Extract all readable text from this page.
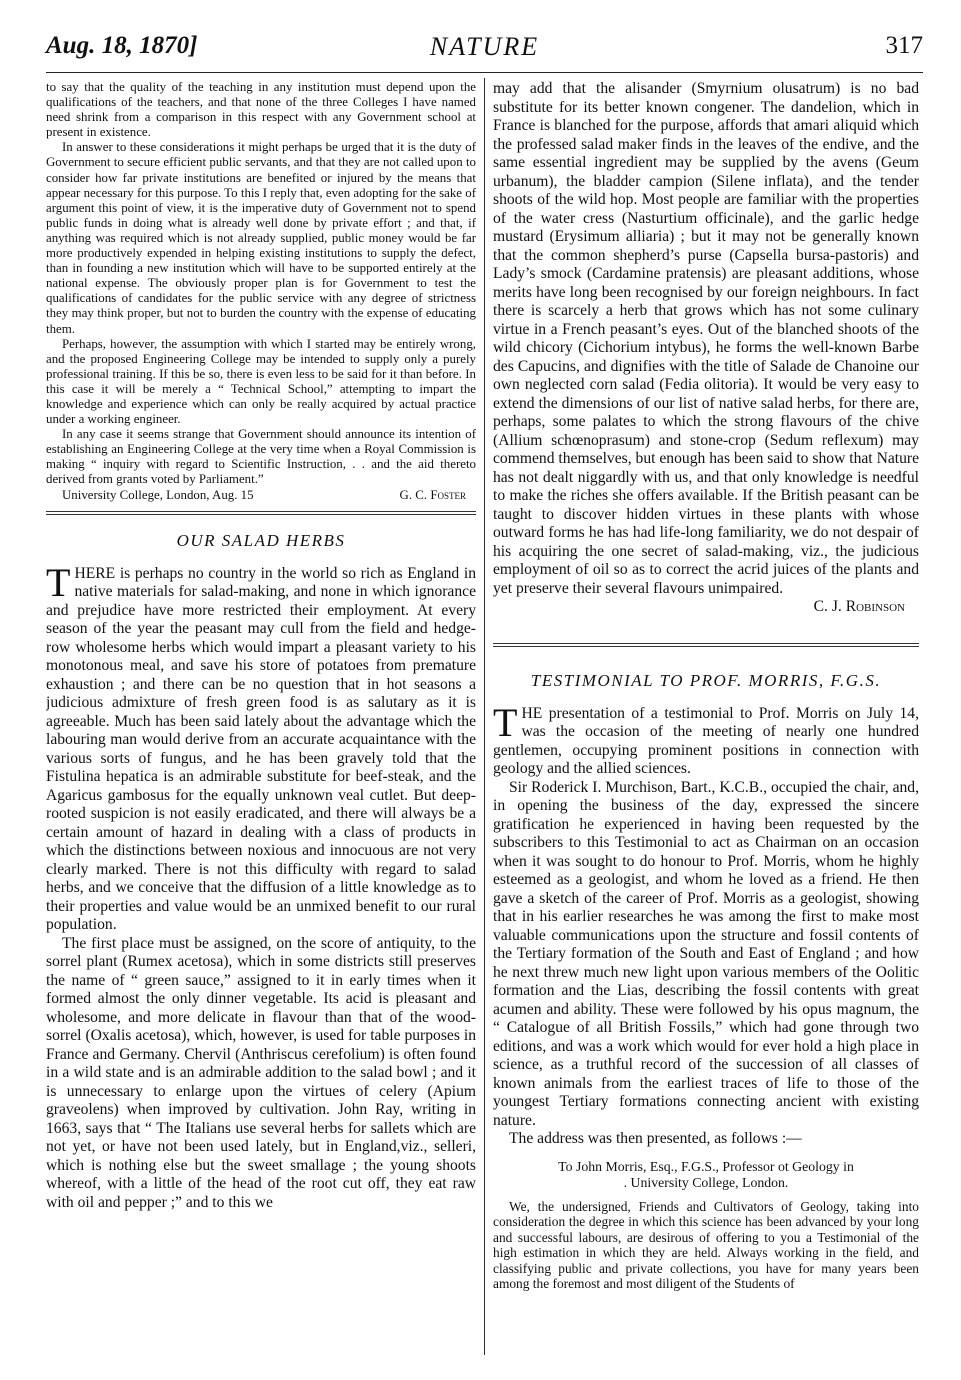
Aug. 18, 1870]	NATURE	317

to say that the quality of the teaching in any institution must depend upon the qualifications of the teachers, and that none of the three Colleges I have named need shrink from a comparison in this respect with any Government school at present in existence.

In answer to these considerations it might perhaps be urged that it is the duty of Government to secure efficient public servants, and that they are not called upon to consider how far private institutions are benefited or injured by the means that appear necessary for this purpose. To this I reply that, even adopting for the sake of argument this point of view, it is the imperative duty of Government not to spend public funds in doing what is already well done by private effort ; and that, if anything was required which is not already supplied, public money would be far more productively expended in helping existing institutions to supply the defect, than in founding a new institution which will have to be supported entirely at the national expense. The obviously proper plan is for Government to test the qualifications of candidates for the public service with any degree of strictness they may think proper, but not to burden the country with the expense of educating them.

Perhaps, however, the assumption with which I started may be entirely wrong, and the proposed Engineering College may be intended to supply only a purely professional training. If this be so, there is even less to be said for it than before. In this case it will be merely a “ Technical School,” attempting to impart the knowledge and experience which can only be really acquired by actual practice under a working engineer.

In any case it seems strange that Government should announce its intention of establishing an Engineering College at the very time when a Royal Commission is making “ inquiry with regard to Scientific Instruction, . . and the aid thereto derived from grants voted by Parliament.”

University College, London, Aug. 15	G. C. Foster
OUR SALAD HERBS

THERE is perhaps no country in the world so rich as England in native materials for salad-making, and none in which ignorance and prejudice have more restricted their employment. At every season of the year the peasant may cull from the field and hedge-row wholesome herbs which would impart a pleasant variety to his monotonous meal, and save his store of potatoes from premature exhaustion ; and there can be no question that in hot seasons a judicious admixture of fresh green food is as salutary as it is agreeable. Much has been said lately about the advantage which the labouring man would derive from an accurate acquaintance with the various sorts of fungus, and he has been gravely told that the Fistulina hepatica is an admirable substitute for beef-steak, and the Agaricus gambosus for the equally unknown veal cutlet. But deep-rooted suspicion is not easily eradicated, and there will always be a certain amount of hazard in dealing with a class of products in which the distinctions between noxious and innocuous are not very clearly marked. There is not this difficulty with regard to salad herbs, and we conceive that the diffusion of a little knowledge as to their properties and value would be an unmixed benefit to our rural population.

The first place must be assigned, on the score of antiquity, to the sorrel plant (Rumex acetosa), which in some districts still preserves the name of “ green sauce,” assigned to it in early times when it formed almost the only dinner vegetable. Its acid is pleasant and wholesome, and more delicate in flavour than that of the wood-sorrel (Oxalis acetosa), which, however, is used for table purposes in France and Germany. Chervil (Anthriscus cerefolium) is often found in a wild state and is an admirable addition to the salad bowl ; and it is unnecessary to enlarge upon the virtues of celery (Apium graveolens) when improved by cultivation. John Ray, writing in 1663, says that “ The Italians use several herbs for sallets which are not yet, or have not been used lately, but in England,viz., selleri, which is nothing else but the sweet smallage ; the young shoots whereof, with a little of the head of the root cut off, they eat raw with oil and pepper ;” and to this we

may add that the alisander (Smyrnium olusatrum) is no bad substitute for its better known congener. The dandelion, which in France is blanched for the purpose, affords that amari aliquid which the professed salad maker finds in the leaves of the endive, and the same essential ingredient may be supplied by the avens (Geum urbanum), the bladder campion (Silene inflata), and the tender shoots of the wild hop. Most people are familiar with the properties of the water cress (Nasturtium officinale), and the garlic hedge mustard (Erysimum alliaria) ; but it may not be generally known that the common shepherd’s purse (Capsella bursa-pastoris) and Lady’s smock (Cardamine pratensis) are pleasant additions, whose merits have long been recognised by our foreign neighbours. In fact there is scarcely a herb that grows which has not some culinary virtue in a French peasant’s eyes. Out of the blanched shoots of the wild chicory (Cichorium intybus), he forms the well-known Barbe des Capucins, and dignifies with the title of Salade de Chanoine our own neglected corn salad (Fedia olitoria). It would be very easy to extend the dimensions of our list of native salad herbs, for there are, perhaps, some palates to which the strong flavours of the chive (Allium schœnoprasum) and stone-crop (Sedum reflexum) may commend themselves, but enough has been said to show that Nature has not dealt niggardly with us, and that only knowledge is needful to make the riches she offers available. If the British peasant can be taught to discover hidden virtues in these plants with whose outward forms he has had life-long familiarity, we do not despair of his acquiring the one secret of salad-making, viz., the judicious employment of oil so as to correct the acrid juices of the plants and yet preserve their several flavours unimpaired.

C. J. Robinson
TESTIMONIAL TO PROF. MORRIS, F.G.S.

THE presentation of a testimonial to Prof. Morris on July 14, was the occasion of the meeting of nearly one hundred gentlemen, occupying prominent positions in connection with geology and the allied sciences.

Sir Roderick I. Murchison, Bart., K.C.B., occupied the chair, and, in opening the business of the day, expressed the sincere gratification he experienced in having been requested by the subscribers to this Testimonial to act as Chairman on an occasion when it was sought to do honour to Prof. Morris, whom he highly esteemed as a geologist, and whom he loved as a friend. He then gave a sketch of the career of Prof. Morris as a geologist, showing that in his earlier researches he was among the first to make most valuable communications upon the structure and fossil contents of the Tertiary formation of the South and East of England ; and how he next threw much new light upon various members of the Oolitic formation and the Lias, describing the fossil contents with great acumen and ability. These were followed by his opus magnum, the “ Catalogue of all British Fossils,” which had gone through two editions, and was a work which would for ever hold a high place in science, as a truthful record of the succession of all classes of known animals from the earliest traces of life to those of the youngest Tertiary formations connecting ancient with existing nature.

The address was then presented, as follows :—

To John Morris, Esq., F.G.S., Professor ot Geology in
. University College, London.

We, the undersigned, Friends and Cultivators of Geology, taking into consideration the degree in which this science has been advanced by your long and successful labours, are desirous of offering to you a Testimonial of the high estimation in which they are held. Always working in the field, and classifying public and private collections, you have for many years been among the foremost and most diligent of the Students of
